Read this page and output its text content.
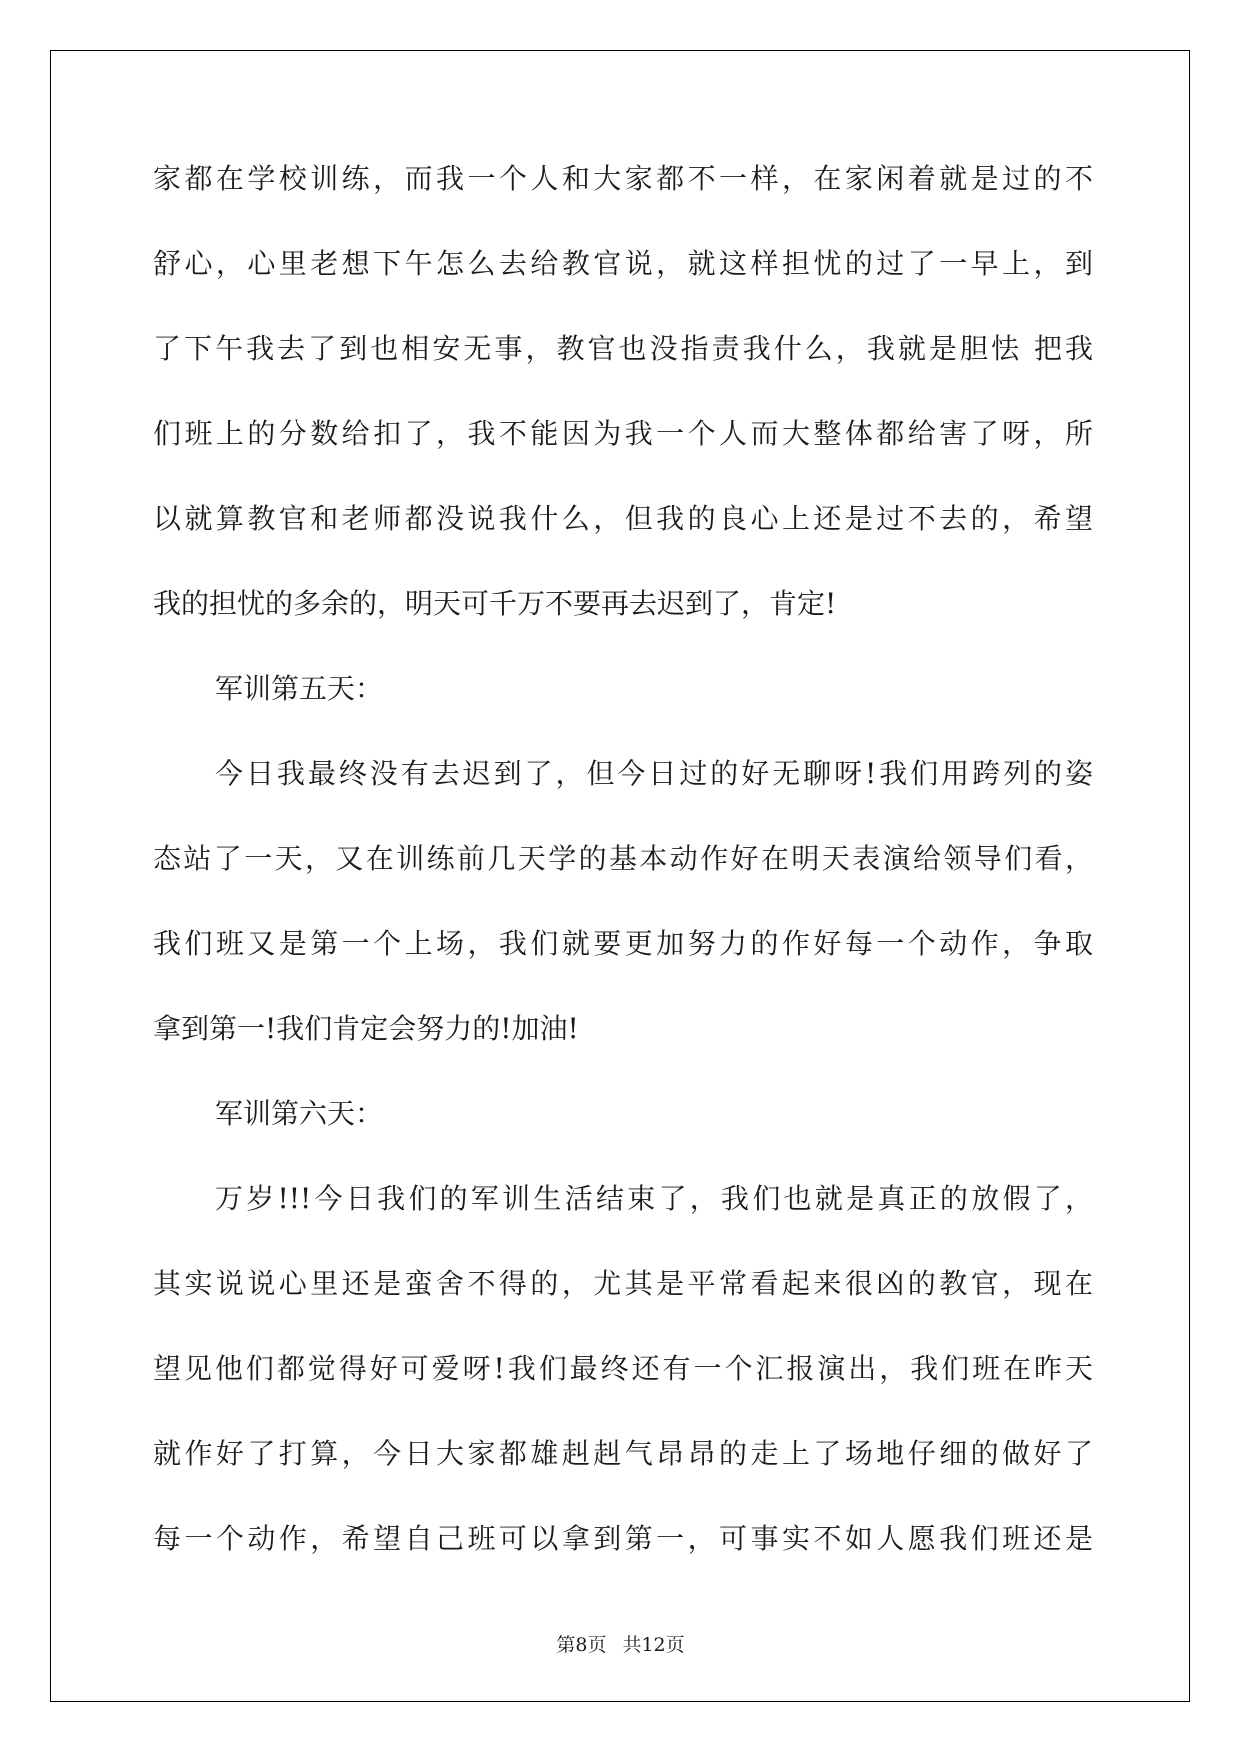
家都在学校训练，而我一个人和大家都不一样，在家闲着就是过的不
舒心，心里老想下午怎么去给教官说，就这样担忧的过了一早上，到
了下午我去了到也相安无事，教官也没指责我什么，我就是胆怯 把我
们班上的分数给扣了，我不能因为我一个人而大整体都给害了呀，所
以就算教官和老师都没说我什么，但我的良心上还是过不去的，希望
我的担忧的多余的，明天可千万不要再去迟到了，肯定!
军训第五天：
今日我最终没有去迟到了，但今日过的好无聊呀!我们用跨列的姿
态站了一天，又在训练前几天学的基本动作好在明天表演给领导们看，
我们班又是第一个上场，我们就要更加努力的作好每一个动作，争取
拿到第一!我们肯定会努力的!加油!
军训第六天：
万岁!!!今日我们的军训生活结束了，我们也就是真正的放假了，
其实说说心里还是蛮舍不得的，尤其是平常看起来很凶的教官，现在
望见他们都觉得好可爱呀!我们最终还有一个汇报演出，我们班在昨天
就作好了打算，今日大家都雄赳赳气昂昂的走上了场地仔细的做好了
每一个动作，希望自己班可以拿到第一，可事实不如人愿我们班还是
第8页 共12页
